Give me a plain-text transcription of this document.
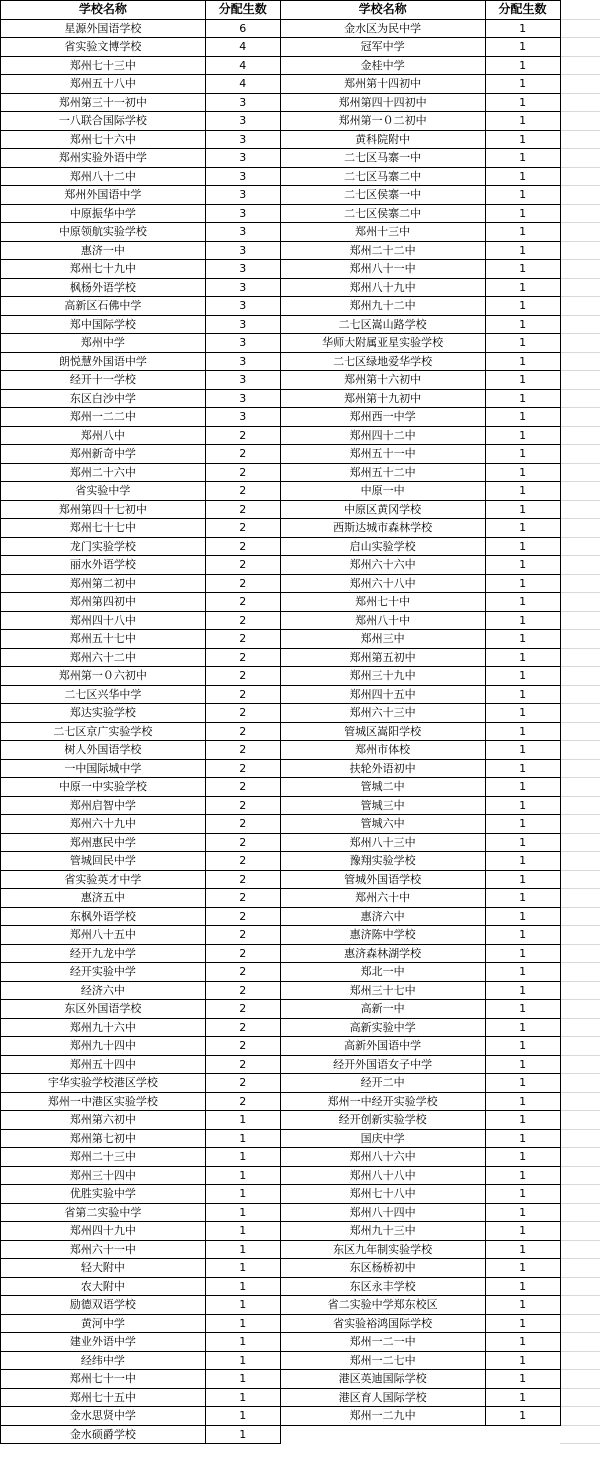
学校名称	分配生数	学校名称	分配生数	
星源外国语学校	6	金水区为民中学	1	
省实验文博学校	4	冠军中学	1	
郑州七十三中	4	金桂中学	1	
郑州五十八中	4	郑州第十四初中	1	
郑州第三十一初中	3	郑州第四十四初中	1	
一八联合国际学校	3	郑州第一０二初中	1	
郑州七十六中	3	黄科院附中	1	
郑州实验外语中学	3	二七区马寨一中	1	
郑州八十二中	3	二七区马寨二中	1	
郑州外国语中学	3	二七区侯寨一中	1	
中原振华中学	3	二七区侯寨二中	1	
中原领航实验学校	3	郑州十三中	1	
惠济一中	3	郑州二十二中	1	
郑州七十九中	3	郑州八十一中	1	
枫杨外语学校	3	郑州八十九中	1	
高新区石佛中学	3	郑州九十二中	1	
郑中国际学校	3	二七区嵩山路学校	1	
郑州中学	3	华师大附属亚星实验学校	1	
朗悦慧外国语中学	3	二七区绿地爱华学校	1	
经开十一学校	3	郑州第十六初中	1	
东区白沙中学	3	郑州第十九初中	1	
郑州一二二中	3	郑州西一中学	1	
郑州八中	2	郑州四十二中	1	
郑州新奇中学	2	郑州五十一中	1	
郑州二十六中	2	郑州五十二中	1	
省实验中学	2	中原一中	1	
郑州第四十七初中	2	中原区黄冈学校	1	
郑州七十七中	2	西斯达城市森林学校	1	
龙门实验学校	2	启山实验学校	1	
丽水外语学校	2	郑州六十六中	1	
郑州第二初中	2	郑州六十八中	1	
郑州第四初中	2	郑州七十中	1	
郑州四十八中	2	郑州八十中	1	
郑州五十七中	2	郑州三中	1	
郑州六十二中	2	郑州第五初中	1	
郑州第一０六初中	2	郑州三十九中	1	
二七区兴华中学	2	郑州四十五中	1	
郑达实验学校	2	郑州六十三中	1	
二七区京广实验学校	2	管城区嵩阳学校	1	
树人外国语学校	2	郑州市体校	1	
一中国际城中学	2	扶轮外语初中	1	
中原一中实验学校	2	管城二中	1	
郑州启智中学	2	管城三中	1	
郑州六十九中	2	管城六中	1	
郑州惠民中学	2	郑州八十三中	1	
管城回民中学	2	豫翔实验学校	1	
省实验英才中学	2	管城外国语学校	1	
惠济五中	2	郑州六十中	1	
东枫外语学校	2	惠济六中	1	
郑州八十五中	2	惠济陈中学校	1	
经开九龙中学	2	惠济森林湖学校	1	
经开实验中学	2	郑北一中	1	
经济六中	2	郑州三十七中	1	
东区外国语学校	2	高新一中	1	
郑州九十六中	2	高新实验中学	1	
郑州九十四中	2	高新外国语中学	1	
郑州五十四中	2	经开外国语女子中学	1	
宇华实验学校港区学校	2	经开二中	1	
郑州一中港区实验学校	2	郑州一中经开实验学校	1	
郑州第六初中	1	经开创新实验学校	1	
郑州第七初中	1	国庆中学	1	
郑州二十三中	1	郑州八十六中	1	
郑州三十四中	1	郑州八十八中	1	
优胜实验中学	1	郑州七十八中	1	
省第二实验中学	1	郑州八十四中	1	
郑州四十九中	1	郑州九十三中	1	
郑州六十一中	1	东区九年制实验学校	1	
轻大附中	1	东区杨桥初中	1	
农大附中	1	东区永丰学校	1	
励德双语学校	1	省二实验中学郑东校区	1	
黄河中学	1	省实验裕鸿国际学校	1	
建业外语中学	1	郑州一二一中	1	
经纬中学	1	郑州一二七中	1	
郑州七十一中	1	港区英迪国际学校	1	
郑州七十五中	1	港区育人国际学校	1	
金水思贤中学	1	郑州一二九中	1	
金水硕爵学校	1			
